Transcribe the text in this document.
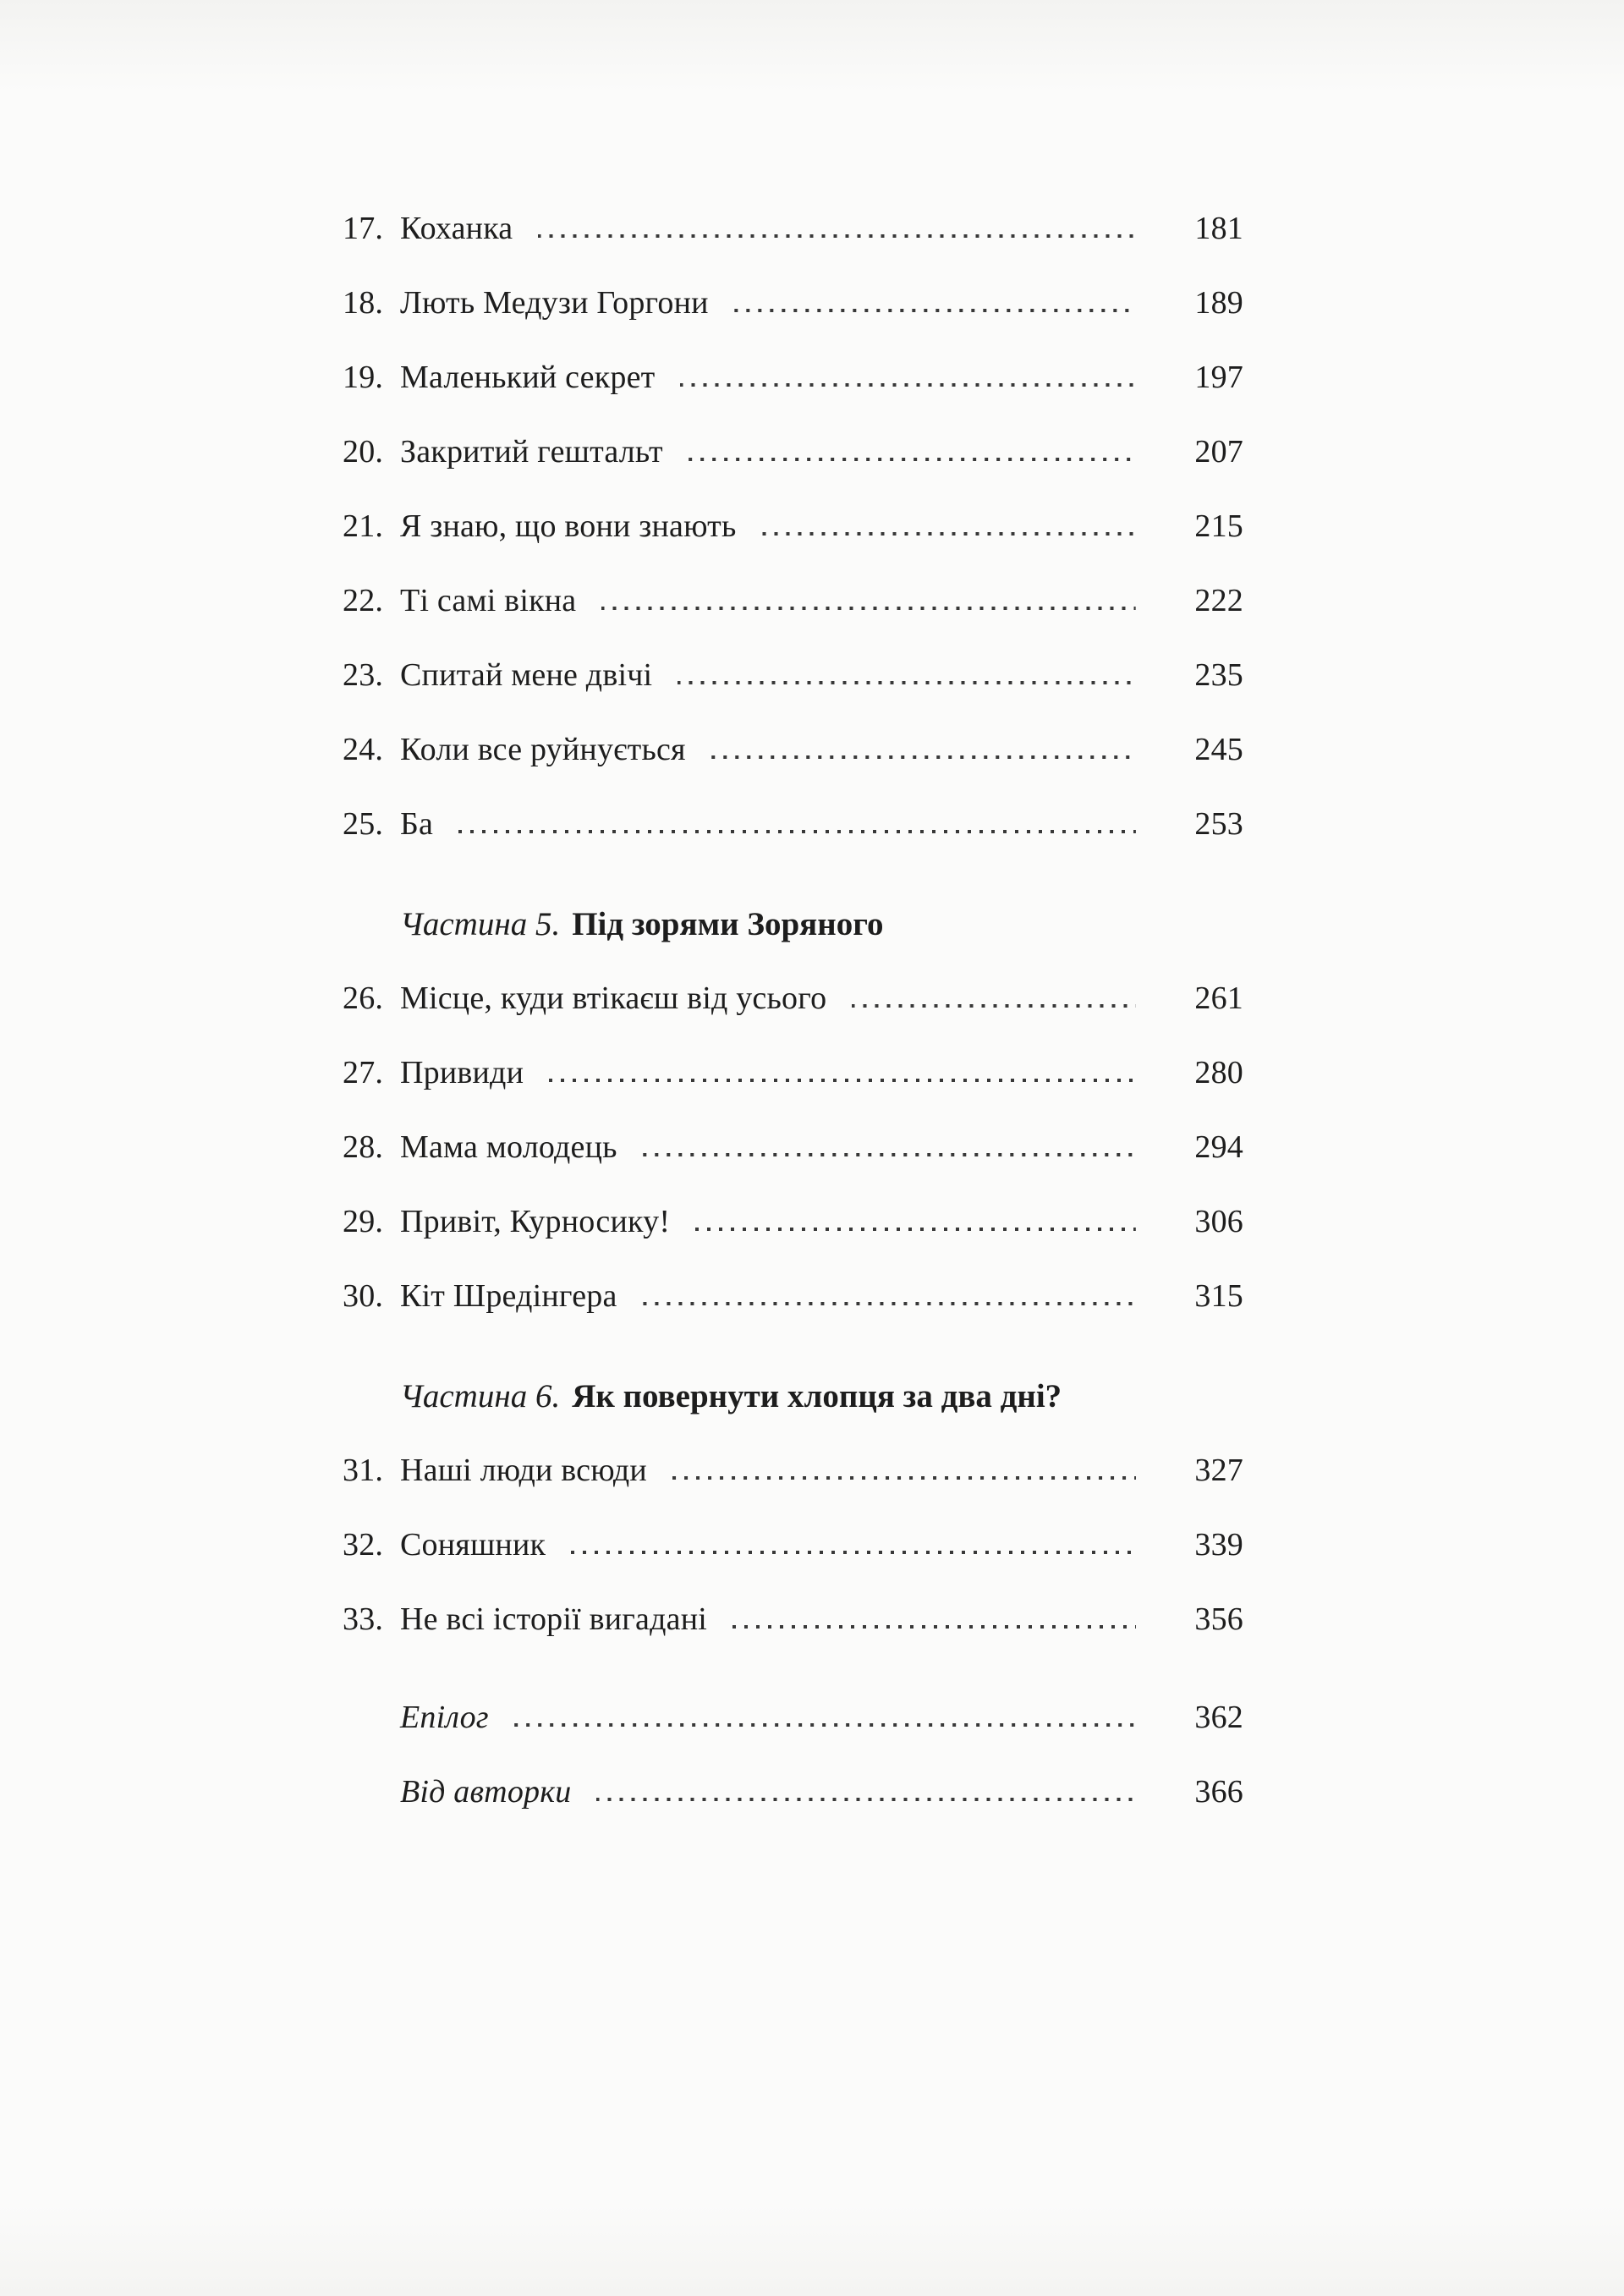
17. Коханка	181
18. Лють Медузи Горгони	189
19. Маленький секрет	197
20. Закритий гештальт	207
21. Я знаю, що вони знають	215
22. Ті самі вікна	222
23. Спитай мене двічі	235
24. Коли все руйнується	245
25. Ба	253
Частина 5. Під зорями Зоряного
26. Місце, куди втікаєш від усього	261
27. Привиди	280
28. Мама молодець	294
29. Привіт, Курносику!	306
30. Кіт Шредінгера	315
Частина 6. Як повернути хлопця за два дні?
31. Наші люди всюди	327
32. Соняшник	339
33. Не всі історії вигадані	356
Епілог	362
Від авторки	366
